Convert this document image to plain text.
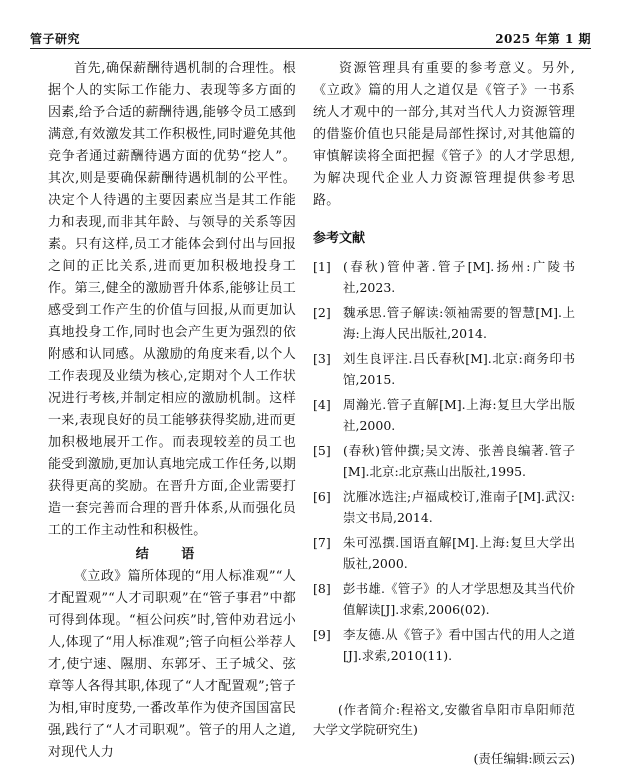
管子研究	2025 年第 1 期

首先,确保薪酬待遇机制的合理性。根据个人的实际工作能力、表现等多方面的因素,给予合适的薪酬待遇,能够令员工感到满意,有效激发其工作积极性,同时避免其他竞争者通过薪酬待遇方面的优势“挖人”。其次,则是要确保薪酬待遇机制的公平性。决定个人待遇的主要因素应当是其工作能力和表现,而非其年龄、与领导的关系等因素。只有这样,员工才能体会到付出与回报之间的正比关系,进而更加积极地投身工作。第三,健全的激励晋升体系,能够让员工感受到工作产生的价值与回报,从而更加认真地投身工作,同时也会产生更为强烈的依附感和认同感。从激励的角度来看,以个人工作表现及业绩为核心,定期对个人工作状况进行考核,并制定相应的激励机制。这样一来,表现良好的员工能够获得奖励,进而更加积极地展开工作。而表现较差的员工也能受到激励,更加认真地完成工作任务,以期获得更高的奖励。在晋升方面,企业需要打造一套完善而合理的晋升体系,从而强化员工的工作主动性和积极性。

结 语

《立政》篇所体现的“用人标准观”“人才配置观”“人才司职观”在“管子事君”中都可得到体现。“桓公问疾”时,管仲劝君远小人,体现了“用人标准观”;管子向桓公举荐人才,使宁速、隰朋、东郭牙、王子城父、弦章等人各得其职,体现了“人才配置观”;管子为相,审时度势,一番改革作为使齐国国富民强,践行了“人才司职观”。管子的用人之道,对现代人力

资源管理具有重要的参考意义。另外,《立政》篇的用人之道仅是《管子》一书系统人才观中的一部分,其对当代人力资源管理的借鉴价值也只能是局部性探讨,对其他篇的审慎解读将全面把握《管子》的人才学思想,为解决现代企业人力资源管理提供参考思路。

参考文献

[1] (春秋)管仲著.管子[M].扬州:广陵书社,2023.

[2] 魏承思.管子解读:领袖需要的智慧[M].上海:上海人民出版社,2014.

[3] 刘生良评注.吕氏春秋[M].北京:商务印书馆,2015.

[4] 周瀚光.管子直解[M].上海:复旦大学出版社,2000.

[5] (春秋)管仲撰;吴文涛、张善良编著.管子[M].北京:北京燕山出版社,1995.

[6] 沈雁冰选注;卢福咸校订,淮南子[M].武汉:崇文书局,2014.

[7] 朱可泓撰.国语直解[M].上海:复旦大学出版社,2000.

[8] 彭书雄.《管子》的人才学思想及其当代价值解读[J].求索,2006(02).

[9] 李友德.从《管子》看中国古代的用人之道[J].求索,2010(11).

(作者简介:程裕文,安徽省阜阳市阜阳师范大学文学院研究生)

(责任编辑:顾云云)
